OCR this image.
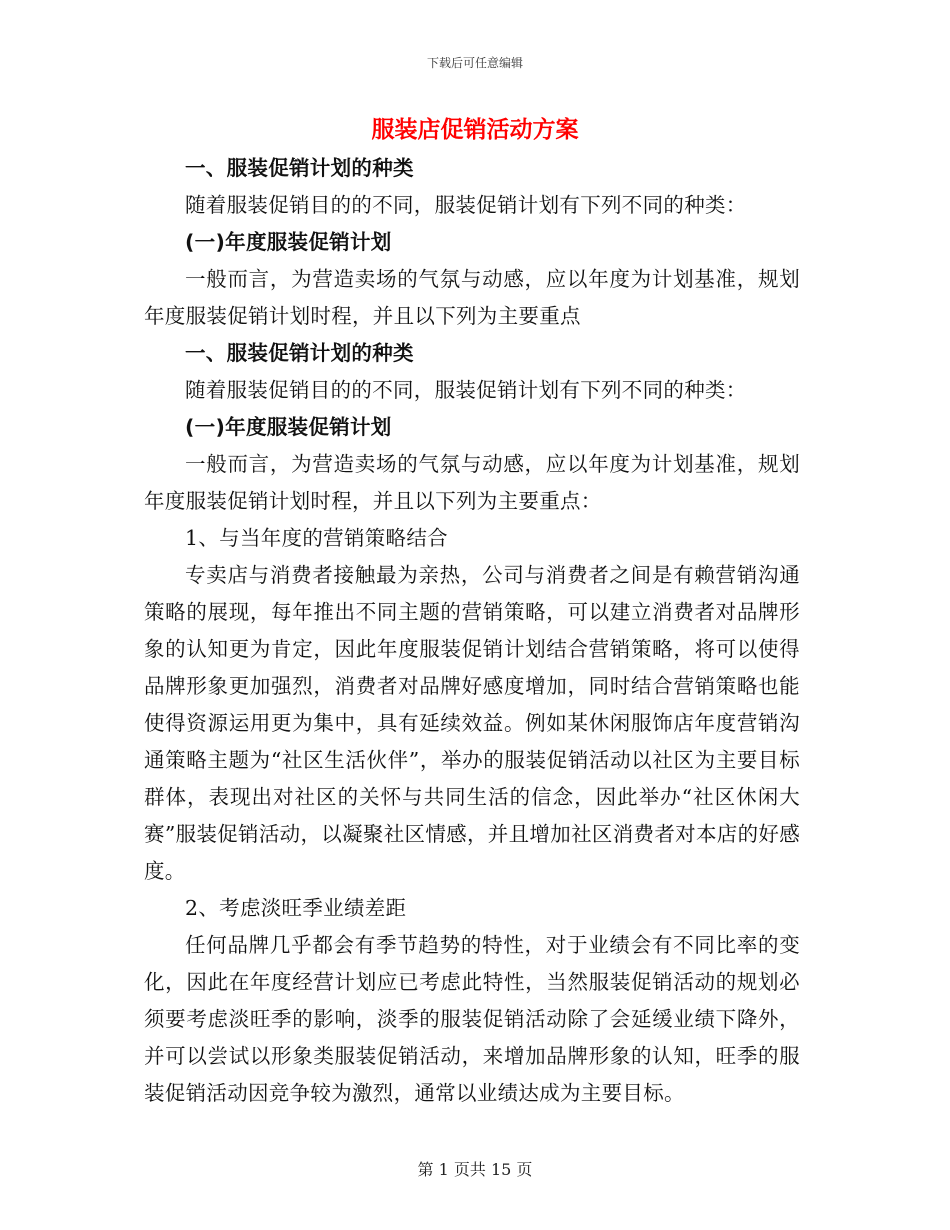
下载后可任意编辑
服装店促销活动方案

一、服装促销计划的种类

随着服装促销目的的不同，服装促销计划有下列不同的种类：

(一)年度服装促销计划

一般而言，为营造卖场的气氛与动感，应以年度为计划基准，规划年度服装促销计划时程，并且以下列为主要重点

一、服装促销计划的种类

随着服装促销目的的不同，服装促销计划有下列不同的种类：

(一)年度服装促销计划

一般而言，为营造卖场的气氛与动感，应以年度为计划基准，规划年度服装促销计划时程，并且以下列为主要重点：

1、与当年度的营销策略结合

专卖店与消费者接触最为亲热，公司与消费者之间是有赖营销沟通策略的展现，每年推出不同主题的营销策略，可以建立消费者对品牌形象的认知更为肯定，因此年度服装促销计划结合营销策略，将可以使得品牌形象更加强烈，消费者对品牌好感度增加，同时结合营销策略也能使得资源运用更为集中，具有延续效益。例如某休闲服饰店年度营销沟通策略主题为“社区生活伙伴”，举办的服装促销活动以社区为主要目标群体，表现出对社区的关怀与共同生活的信念，因此举办“社区休闲大赛”服装促销活动，以凝聚社区情感，并且增加社区消费者对本店的好感度。

2、考虑淡旺季业绩差距

任何品牌几乎都会有季节趋势的特性，对于业绩会有不同比率的变化，因此在年度经营计划应已考虑此特性，当然服装促销活动的规划必须要考虑淡旺季的影响，淡季的服装促销活动除了会延缓业绩下降外，并可以尝试以形象类服装促销活动，来增加品牌形象的认知，旺季的服装促销活动因竞争较为激烈，通常以业绩达成为主要目标。

第 1 页共 15 页
